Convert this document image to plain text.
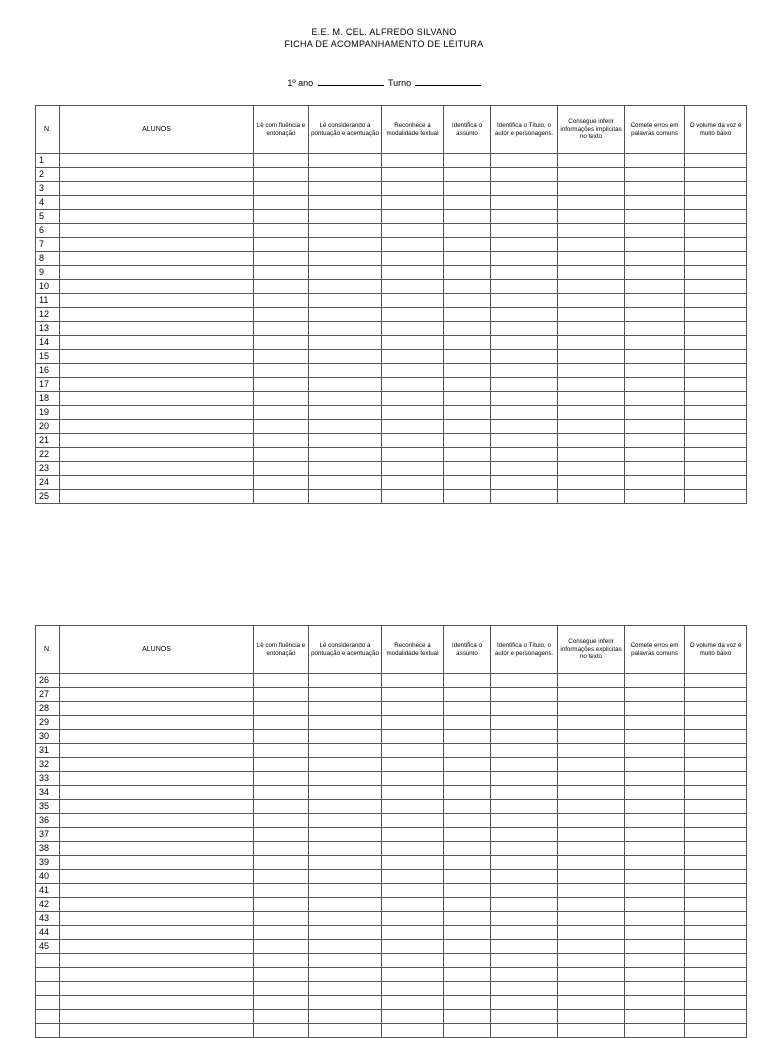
E.E. M. CEL. ALFREDO SILVANO
FICHA DE ACOMPANHAMENTO DE LEITURA
1º ano	Turno
N.	ALUNOS	Lê com fluência e entonação	Lê considerando a pontuação e acentuação	Reconhece a modalidade textual	Identifica o assunto	Identifica o Título, o autor e personagens.	Consegue inferir informações implícitas no texto	Comete erros em palavras comuns	O volume da voz é muito baixo
1									
2									
3									
4									
5									
6									
7									
8									
9									
10									
11									
12									
13									
14									
15									
16									
17									
18									
19									
20									
21									
22									
23									
24									
25									
N.	ALUNOS	Lê com fluência e entonação	Lê considerando a pontuação e acentuação	Reconhece a modalidade textual	Identifica o assunto	Identifica o Título, o autor e personagens.	Consegue inferir informações explícitas no texto	Comete erros em palavras comuns	O volume da voz é muito baixo
26									
27									
28									
29									
30									
31									
32									
33									
34									
35									
36									
37									
38									
39									
40									
41									
42									
43									
44									
45									
